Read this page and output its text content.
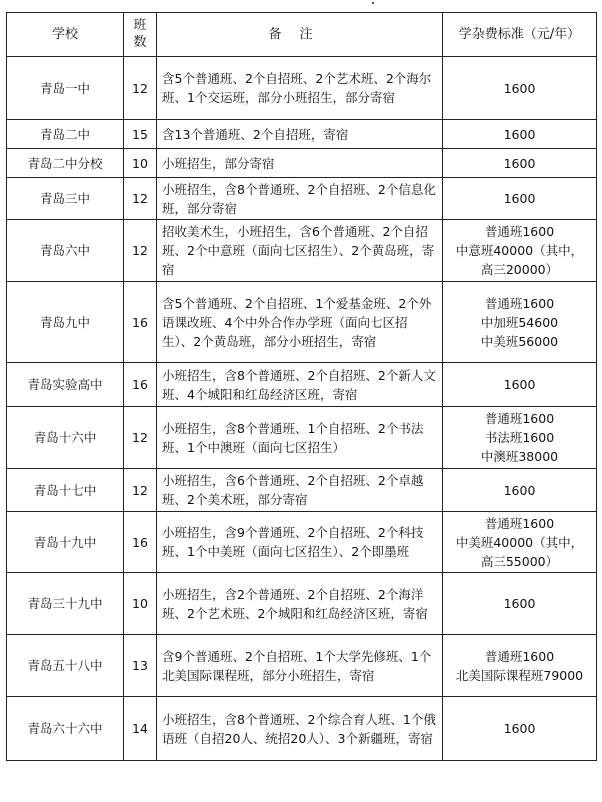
学校	班数	备注	学杂费标准（元/年）
青岛一中	12	含5个普通班、2个自招班、2个艺术班、2个海尔班、1个交运班，部分小班招生，部分寄宿	1600

青岛二中	15	含13个普通班、2个自招班，寄宿	1600

青岛二中分校	10	小班招生，部分寄宿	1600

青岛三中	12	小班招生，含8个普通班、2个自招班、2个信息化班，部分寄宿	1600

青岛六中	12	招收美术生，小班招生，含6个普通班、2个自招班、2个中意班（面向七区招生）、2个黄岛班，寄宿	普通班1600
中意班40000（其中，
高三20000）

青岛九中	16	含5个普通班、2个自招班、1个爱基金班、2个外语课改班、4个中外合作办学班（面向七区招生）、2个黄岛班，部分小班招生，寄宿	普通班1600
中加班54600
中美班56000

青岛实验高中	16	小班招生，含8个普通班、2个自招班、2个新人文班、4个城阳和红岛经济区班，寄宿	1600

青岛十六中	12	小班招生，含8个普通班、1个自招班、2个书法班、1个中澳班（面向七区招生）	普通班1600
书法班1600
中澳班38000

青岛十七中	12	小班招生，含6个普通班、2个自招班、2个卓越班、2个美术班，部分寄宿	1600

青岛十九中	16	小班招生，含9个普通班、2个自招班、2个科技班、1个中美班（面向七区招生）、2个即墨班	普通班1600
中美班40000（其中，
高三55000）

青岛三十九中	10	小班招生，含2个普通班、2个自招班、2个海洋班、2个艺术班、2个城阳和红岛经济区班，寄宿	1600

青岛五十八中	13	含9个普通班、2个自招班、1个大学先修班、1个北美国际课程班，部分小班招生，寄宿	普通班1600
北美国际课程班79000

青岛六十六中	14	小班招生，含8个普通班、2个综合育人班、1个俄语班（自招20人、统招20人）、3个新疆班，寄宿	1600
